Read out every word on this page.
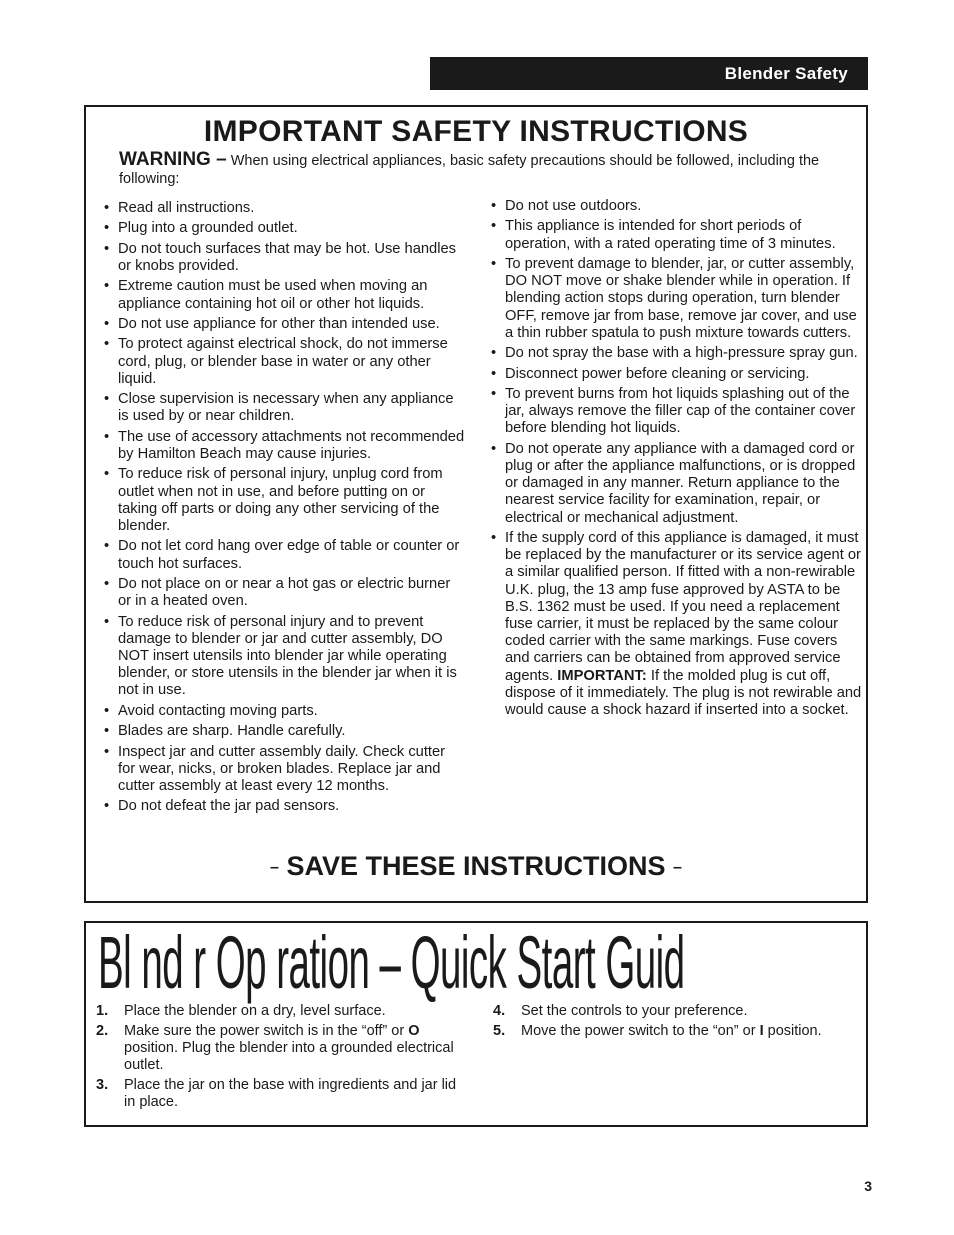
Blender Safety
IMPORTANT SAFETY INSTRUCTIONS
WARNING – When using electrical appliances, basic safety precautions should be followed, including the following:
• Read all instructions.
• Plug into a grounded outlet.
• Do not touch surfaces that may be hot. Use handles or knobs provided.
• Extreme caution must be used when moving an appliance containing hot oil or other hot liquids.
• Do not use appliance for other than intended use.
• To protect against electrical shock, do not immerse cord, plug, or blender base in water or any other liquid.
• Close supervision is necessary when any appliance is used by or near children.
• The use of accessory attachments not recommended by Hamilton Beach may cause injuries.
• To reduce risk of personal injury, unplug cord from outlet when not in use, and before putting on or taking off parts or doing any other servicing of the blender.
• Do not let cord hang over edge of table or counter or touch hot surfaces.
• Do not place on or near a hot gas or electric burner or in a heated oven.
• To reduce risk of personal injury and to prevent damage to blender or jar and cutter assembly, DO NOT insert utensils into blender jar while operating blender, or store utensils in the blender jar when it is not in use.
• Avoid contacting moving parts.
• Blades are sharp. Handle carefully.
• Inspect jar and cutter assembly daily. Check cutter for wear, nicks, or broken blades. Replace jar and cutter assembly at least every 12 months.
• Do not defeat the jar pad sensors.
• Do not use outdoors.
• This appliance is intended for short periods of operation, with a rated operating time of 3 minutes.
• To prevent damage to blender, jar, or cutter assembly, DO NOT move or shake blender while in operation. If blending action stops during operation, turn blender OFF, remove jar from base, remove jar cover, and use a thin rubber spatula to push mixture towards cutters.
• Do not spray the base with a high-pressure spray gun.
• Disconnect power before cleaning or servicing.
• To prevent burns from hot liquids splashing out of the jar, always remove the filler cap of the container cover before blending hot liquids.
• Do not operate any appliance with a damaged cord or plug or after the appliance malfunctions, or is dropped or damaged in any manner. Return appliance to the nearest service facility for examination, repair, or electrical or mechanical adjustment.
• If the supply cord of this appliance is damaged, it must be replaced by the manufacturer or its service agent or a similar qualified person. If fitted with a non-rewirable U.K. plug, the 13 amp fuse approved by ASTA to be B.S. 1362 must be used. If you need a replacement fuse carrier, it must be replaced by the same colour coded carrier with the same markings. Fuse covers and carriers can be obtained from approved service agents. IMPORTANT: If the molded plug is cut off, dispose of it immediately. The plug is not rewirable and would cause a shock hazard if inserted into a socket.
– SAVE THESE INSTRUCTIONS –
Bl nd r Op ration – Quick Start Guid
1. Place the blender on a dry, level surface.
2. Make sure the power switch is in the “off” or O position. Plug the blender into a grounded electrical outlet.
3. Place the jar on the base with ingredients and jar lid in place.
4. Set the controls to your preference.
5. Move the power switch to the “on” or I position.
3
